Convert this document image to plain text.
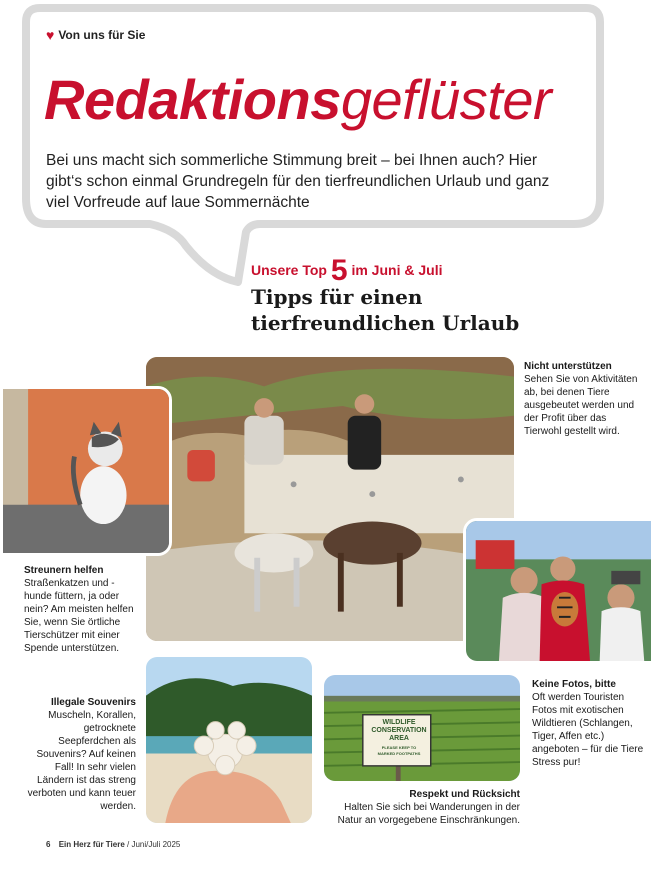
♥ Von uns für Sie
Redaktionsgeflüster
Bei uns macht sich sommerliche Stimmung breit – bei Ihnen auch? Hier gibt‘s schon einmal Grundregeln für den tierfreundlichen Urlaub und ganz viel Vorfreude auf laue Sommernächte
Unsere Top 5 im Juni & Juli
Tipps für einen
tierfreundlichen Urlaub
WILDLIFE
CONSERVATION
AREA
PLEASE KEEP TO
MARKED FOOTPATHS
Nicht unterstützen
Sehen Sie von Aktivitäten ab, bei denen Tiere ausgebeutet werden und der Profit über das Tierwohl gestellt wird.
Streunern helfen
Straßenkatzen und -hunde füttern, ja oder nein? Am meisten helfen Sie, wenn Sie örtliche Tierschützer mit einer Spende unterstützen.
Keine Fotos, bitte
Oft werden Touristen Fotos mit exotischen Wildtieren (Schlangen, Tiger, Affen etc.) angeboten – für die Tiere Stress pur!
Illegale Souvenirs
Muscheln, Korallen, getrocknete Seepferdchen als Souvenirs? Auf keinen Fall! In sehr vielen Ländern ist das streng verboten und kann teuer werden.
Respekt und Rücksicht
Halten Sie sich bei Wanderungen in der Natur an vorgegebene Einschränkungen.
6 Ein Herz für Tiere / Juni/Juli 2025
